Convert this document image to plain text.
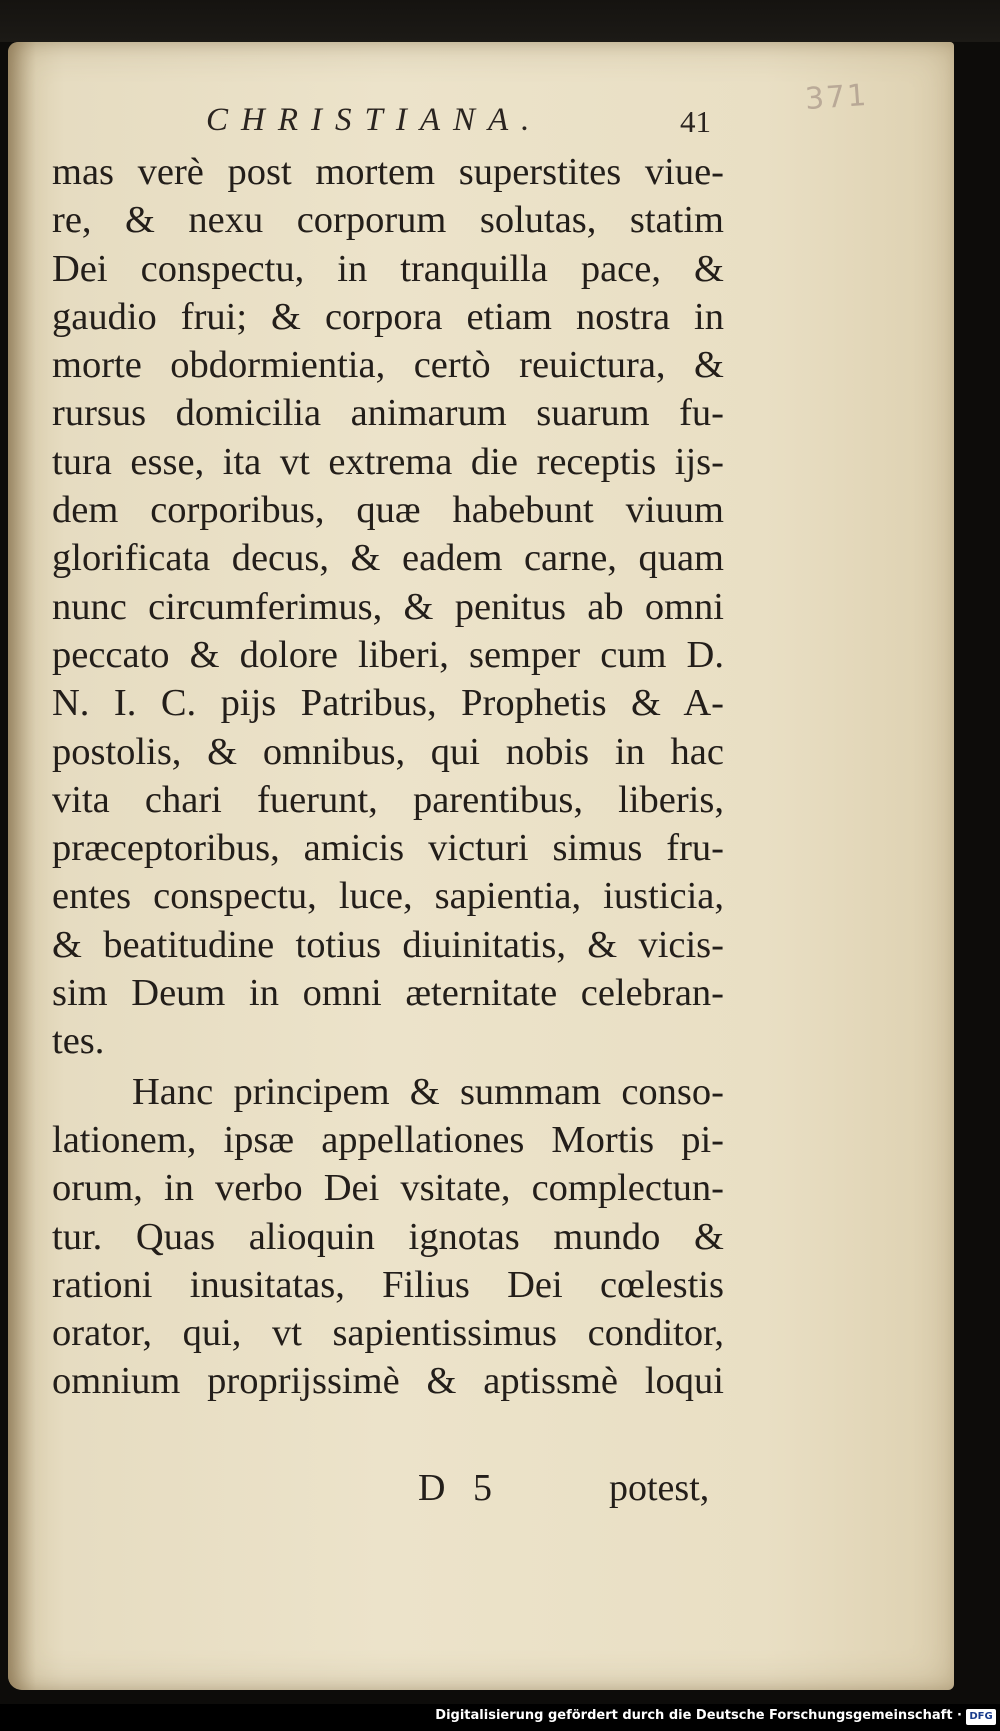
371
CHRISTIANA.	41
mas verè post mortem superstites viue-
re, & nexu corporum solutas, statim
Dei conspectu, in tranquilla pace, &
gaudio frui; & corpora etiam nostra in
morte obdormientia, certò reuictura, &
rursus domicilia animarum suarum fu-
tura esse, ita vt extrema die receptis ijs-
dem corporibus, quæ habebunt viuum
glorificata decus, & eadem carne, quam
nunc circumferimus, & penitus ab omni
peccato & dolore liberi, semper cum D.
N. I. C. pijs Patribus, Prophetis & A-
postolis, & omnibus, qui nobis in hac
vita chari fuerunt, parentibus, liberis,
præceptoribus, amicis victuri simus fru-
entes conspectu, luce, sapientia, iusticia,
& beatitudine totius diuinitatis, & vicis-
sim Deum in omni æternitate celebran-
tes.
Hanc principem & summam conso-
lationem, ipsæ appellationes Mortis pi-
orum, in verbo Dei vsitate, complectun-
tur. Quas alioquin ignotas mundo &
rationi inusitatas, Filius Dei cœlestis
orator, qui, vt sapientissimus conditor,
omnium proprijssimè & aptissmè loqui
D 5	potest,
Digitalisierung gefördert durch die Deutsche Forschungsgemeinschaft · DFG
